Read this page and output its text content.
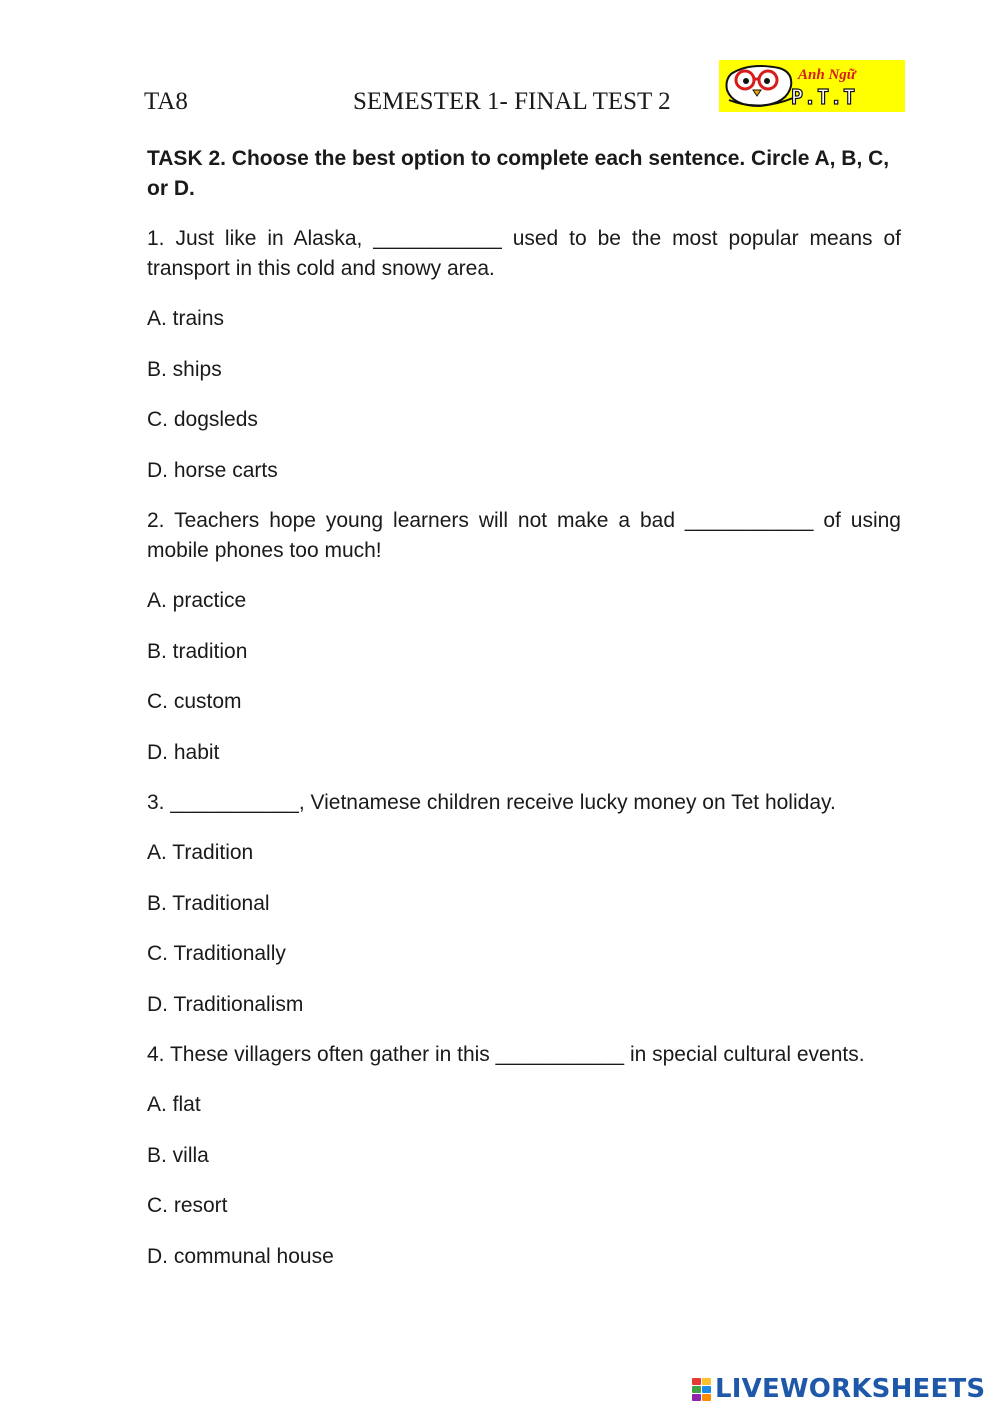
TA8	SEMESTER 1- FINAL TEST 2
Anh Ngữ
P.T.T

TASK 2. Choose the best option to complete each sentence. Circle A, B, C, or D.

1. Just like in Alaska, ___________ used to be the most popular means of transport in this cold and snowy area.

A. trains

B. ships

C. dogsleds

D. horse carts

2. Teachers hope young learners will not make a bad ___________ of using mobile phones too much!

A. practice

B. tradition

C. custom

D. habit

3. ___________, Vietnamese children receive lucky money on Tet holiday.

A. Tradition

B. Traditional

C. Traditionally

D. Traditionalism

4. These villagers often gather in this ___________ in special cultural events.

A. flat

B. villa

C. resort

D. communal house

LIVEWORKSHEETS
